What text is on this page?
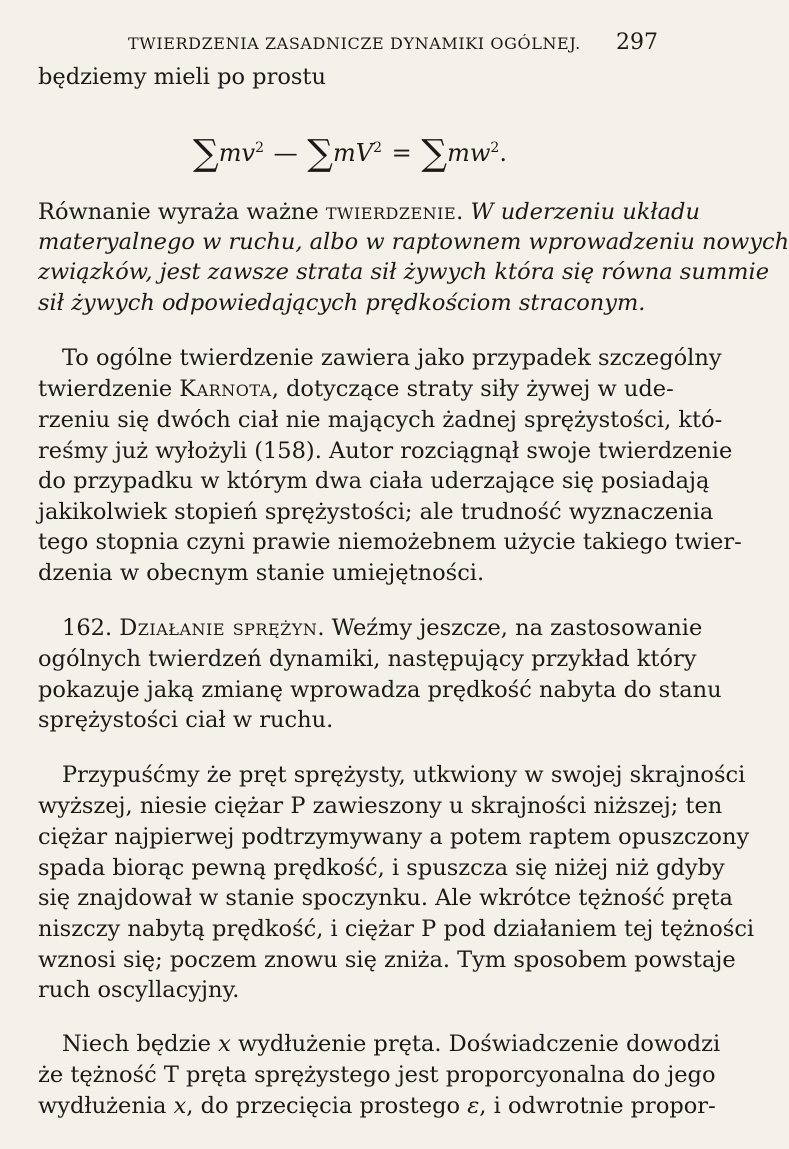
TWIERDZENIA ZASADNICZE DYNAMIKI OGÓLNEJ. 297
będziemy mieli po prostu
$\sum mv^2$ — $\sum mV^2 = \sum mw^2$.
Równanie wyraża ważne twierdzenie. W uderzeniu układu
materyalnego w ruchu, albo w raptownem wprowadzeniu nowych
związków, jest zawsze strata sił żywych która się równa summie
sił żywych odpowiedających prędkościom straconym.
To ogólne twierdzenie zawiera jako przypadek szczególny
twierdzenie Karnota, dotyczące straty siły żywej w ude-
rzeniu się dwóch ciał nie mających żadnej sprężystości, któ-
reśmy już wyłożyli (158). Autor rozciągnął swoje twierdzenie
do przypadku w którym dwa ciała uderzające się posiadają
jakikolwiek stopień sprężystości; ale trudność wyznaczenia
tego stopnia czyni prawie niemożebnem użycie takiego twier-
dzenia w obecnym stanie umiejętności.
162. Działanie sprężyn. Weźmy jeszcze, na zastosowanie
ogólnych twierdzeń dynamiki, następujący przykład który
pokazuje jaką zmianę wprowadza prędkość nabyta do stanu
sprężystości ciał w ruchu.
Przypuśćmy że pręt sprężysty, utkwiony w swojej skrajności
wyższej, niesie ciężar P zawieszony u skrajności niższej; ten
ciężar najpierwej podtrzymywany a potem raptem opuszczony
spada biorąc pewną prędkość, i spuszcza się niżej niż gdyby
się znajdował w stanie spoczynku. Ale wkrótce tężność pręta
niszczy nabytą prędkość, i ciężar P pod działaniem tej tężności
wznosi się; poczem znowu się zniża. Tym sposobem powstaje
ruch oscyllacyjny.
Niech będzie x wydłużenie pręta. Doświadczenie dowodzi
że tężność T pręta sprężystego jest proporcyonalna do jego
wydłużenia x, do przecięcia prostego ε, i odwrotnie propor-
